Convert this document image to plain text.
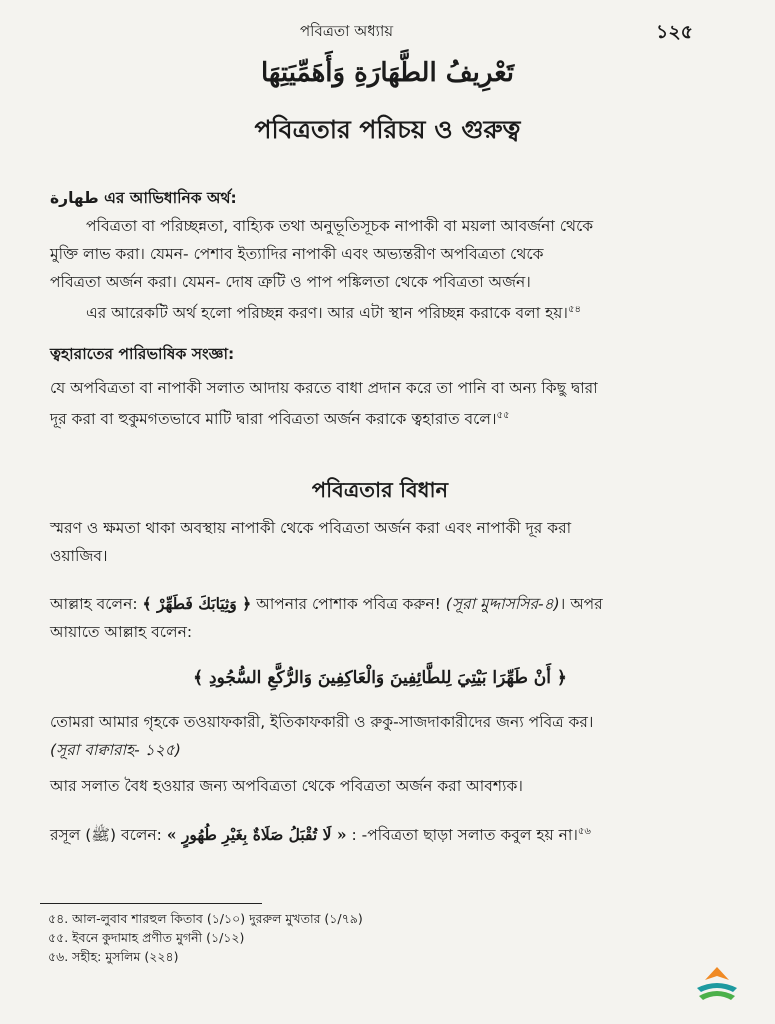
পবিত্রতা অধ্যায়	১২৫
تَعْرِيفُ الطَّهَارَةِ وَأَهَمِّيَتِهَا
পবিত্রতার পরিচয় ও গুরুত্ব
طهارة এর আভিধানিক অর্থ:
পবিত্রতা বা পরিচ্ছন্নতা, বাহ্যিক তথা অনুভূতিসূচক নাপাকী বা ময়লা আবর্জনা থেকে
মুক্তি লাভ করা। যেমন- পেশাব ইত্যাদির নাপাকী এবং অভ্যন্তরীণ অপবিত্রতা থেকে
পবিত্রতা অর্জন করা। যেমন- দোষ ত্রুটি ও পাপ পঙ্কিলতা থেকে পবিত্রতা অর্জন।
এর আরেকটি অর্থ হলো পরিচ্ছন্ন করণ। আর এটা স্থান পরিচ্ছন্ন করাকে বলা হয়।$^{৫৪}$
ত্বহারাতের পারিভাষিক সংজ্ঞা:
যে অপবিত্রতা বা নাপাকী সলাত আদায় করতে বাধা প্রদান করে তা পানি বা অন্য কিছু দ্বারা
দূর করা বা হুকুমগতভাবে মাটি দ্বারা পবিত্রতা অর্জন করাকে ত্বহারাত বলে।$^{৫৫}$
পবিত্রতার বিধান
স্মরণ ও ক্ষমতা থাকা অবস্থায় নাপাকী থেকে পবিত্রতা অর্জন করা এবং নাপাকী দূর করা
ওয়াজিব।
আল্লাহ বলেন: ﴿ وَثِيَابَكَ فَطَهِّرْ ﴾ আপনার পোশাক পবিত্র করুন! (সূরা মুদ্দাসসির-৪)। অপর
আয়াতে আল্লাহ বলেন:
﴿ أَنْ طَهِّرَا بَيْتِيَ لِلطَّائِفِينَ وَالْعَاكِفِينَ وَالرُّكَّعِ السُّجُودِ ﴾
তোমরা আমার গৃহকে তওয়াফকারী, ইতিকাফকারী ও রুকু-সাজদাকারীদের জন্য পবিত্র কর।
(সূরা বাক্বারাহ- ১২৫)
আর সলাত বৈধ হওয়ার জন্য অপবিত্রতা থেকে পবিত্রতা অর্জন করা আবশ্যক।
রসূল (ﷺ) বলেন: « لَا تُقْبَلُ صَلَاةٌ بِغَيْرِ طُهُورٍ » : -পবিত্রতা ছাড়া সলাত কবুল হয় না।$^{৫৬}$
৫৪. আল-লুবাব শারহুল কিতাব (১/১০) দুররুল মুখতার (১/৭৯)
৫৫. ইবনে কুদামাহ প্রণীত মুগনী (১/১২)
৫৬. সহীহ: মুসলিম (২২৪)
